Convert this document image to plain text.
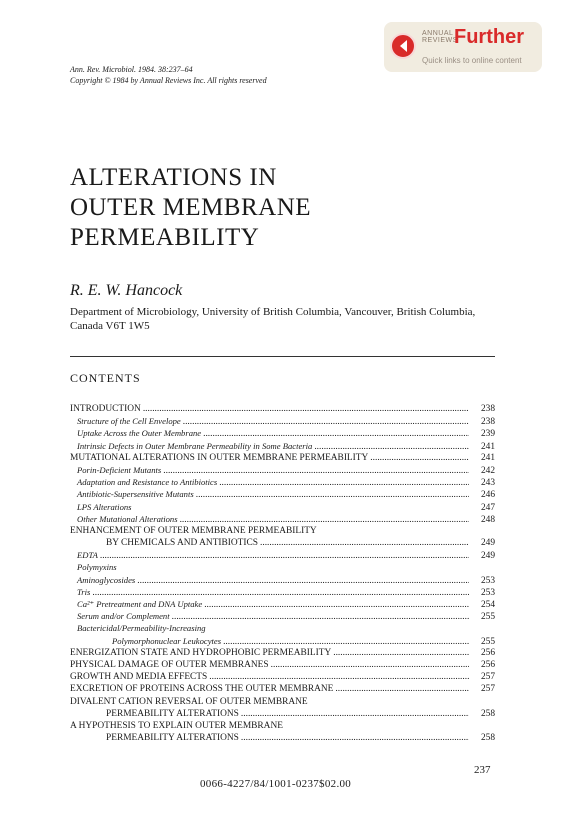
ANNUAL
REVIEWS
Further
Quick links to online content
Ann. Rev. Microbiol. 1984. 38:237–64
Copyright © 1984 by Annual Reviews Inc. All rights reserved
ALTERATIONS IN
OUTER MEMBRANE
PERMEABILITY
R. E. W. Hancock
Department of Microbiology, University of British Columbia, Vancouver, British Columbia, Canada V6T 1W5
CONTENTS
INTRODUCTION .....	238
Structure of the Cell Envelope .....	238
Uptake Across the Outer Membrane .....	239
Intrinsic Defects in Outer Membrane Permeability in Some Bacteria .....	241
MUTATIONAL ALTERATIONS IN OUTER MEMBRANE PERMEABILITY .....	241
Porin-Deficient Mutants .....	242
Adaptation and Resistance to Antibiotics .....	243
Antibiotic-Supersensitive Mutants .....	246
LPS Alterations	247
Other Mutational Alterations .....	248
ENHANCEMENT OF OUTER MEMBRANE PERMEABILITY
BY CHEMICALS AND ANTIBIOTICS .....	249
EDTA .....	249
Polymyxins
Aminoglycosides .....	253
Tris .....	253
Ca²⁺ Pretreatment and DNA Uptake .....	254
Serum and/or Complement .....	255
Bactericidal/Permeability-Increasing
Polymorphonuclear Leukocytes .....	255
ENERGIZATION STATE AND HYDROPHOBIC PERMEABILITY .....	256
PHYSICAL DAMAGE OF OUTER MEMBRANES .....	256
GROWTH AND MEDIA EFFECTS .....	257
EXCRETION OF PROTEINS ACROSS THE OUTER MEMBRANE .....	257
DIVALENT CATION REVERSAL OF OUTER MEMBRANE
PERMEABILITY ALTERATIONS .....	258
A HYPOTHESIS TO EXPLAIN OUTER MEMBRANE
PERMEABILITY ALTERATIONS .....	258
237
0066-4227/84/1001-0237$02.00
